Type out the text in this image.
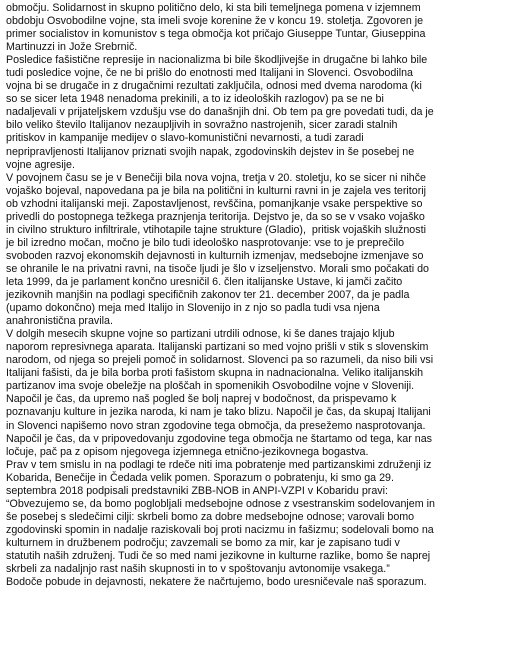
območju. Solidarnost in skupno politično delo, ki sta bili temeljnega pomena v izjemnem
obdobju Osvobodilne vojne, sta imeli svoje korenine že v koncu 19. stoletja. Zgovoren je
primer socialistov in komunistov s tega območja kot pričajo Giuseppe Tuntar, Giuseppina
Martinuzzi in Jože Srebrnič.
Posledice fašistične represije in nacionalizma bi bile škodljivejše in drugačne bi lahko bile
tudi posledice vojne, če ne bi prišlo do enotnosti med Italijani in Slovenci. Osvobodilna
vojna bi se drugače in z drugačnimi rezultati zaključila, odnosi med dvema narodoma (ki
so se sicer leta 1948 nenadoma prekinili, a to iz ideoloških razlogov) pa se ne bi
nadaljevali v prijateljskem vzdušju vse do današnjih dni. Ob tem pa gre povedati tudi, da je
bilo veliko število Italijanov nezaupljivih in sovražno nastrojenih, sicer zaradi stalnih
pritiskov in kampanije medijev o slavo-komunistični nevarnosti, a tudi zaradi
nepripravljenosti Italijanov priznati svojih napak, zgodovinskih dejstev in še posebej ne
vojne agresije.
V povojnem času se je v Benečiji bila nova vojna, tretja v 20. stoletju, ko se sicer ni nihče
vojaško bojeval, napovedana pa je bila na politični in kulturni ravni in je zajela ves teritorij
ob vzhodni italijanski meji. Zapostavljenost, revščina, pomanjkanje vsake perspektive so
privedli do postopnega težkega praznjenja teritorija. Dejstvo je, da so se v vsako vojaško
in civilno strukturo infiltrirale, vtihotapile tajne strukture (Gladio),  pritisk vojaških služnosti
je bil izredno močan, močno je bilo tudi ideološko nasprotovanje: vse to je preprečilo
svoboden razvoj ekonomskih dejavnosti in kulturnih izmenjav, medsebojne izmenjave so
se ohranile le na privatni ravni, na tisoče ljudi je šlo v izseljenstvo. Morali smo počakati do
leta 1999, da je parlament končno uresničil 6. člen italijanske Ustave, ki jamči začito
jezikovnih manjšin na podlagi specifičnih zakonov ter 21. december 2007, da je padla
(upamo dokončno) meja med Italijo in Slovenijo in z njo so padla tudi vsa njena
anahronistična pravila.
V dolgih mesecih skupne vojne so partizani utrdili odnose, ki še danes trajajo kljub
naporom represivnega aparata. Italijanski partizani so med vojno prišli v stik s slovenskim
narodom, od njega so prejeli pomoč in solidarnost. Slovenci pa so razumeli, da niso bili vsi
Italijani fašisti, da je bila borba proti fašistom skupna in nadnacionalna. Veliko italijanskih
partizanov ima svoje obeležje na ploščah in spomenikih Osvobodilne vojne v Sloveniji.
Napočil je čas, da upremo naš pogled še bolj naprej v bodočnost, da prispevamo k
poznavanju kulture in jezika naroda, ki nam je tako blizu. Napočil je čas, da skupaj Italijani
in Slovenci napišemo novo stran zgodovine tega območja, da presežemo nasprotovanja.
Napočil je čas, da v pripovedovanju zgodovine tega območja ne štartamo od tega, kar nas
ločuje, pač pa z opisom njegovega izjemnega etnično-jezikovnega bogastva.
Prav v tem smislu in na podlagi te rdeče niti ima pobratenje med partizanskimi združenji iz
Kobarida, Benečije in Čedada velik pomen. Sporazum o pobratenju, ki smo ga 29.
septembra 2018 podpisali predstavniki ZBB-NOB in ANPI-VZPI v Kobaridu pravi:
“Obvezujemo se, da bomo poglobljali medsebojne odnose z vsestranskim sodelovanjem in
še posebej s sledečimi cilji: skrbeli bomo za dobre medsebojne odnose; varovali bomo
zgodovinski spomin in nadalje raziskovali boj proti nacizmu in fašizmu; sodelovali bomo na
kulturnem in družbenem področju; zavzemali se bomo za mir, kar je zapisano tudi v
statutih naših združenj. Tudi če so med nami jezikovne in kulturne razlike, bomo še naprej
skrbeli za nadaljnjo rast naših skupnosti in to v spoštovanju avtonomije vsakega.”
Bodoče pobude in dejavnosti, nekatere že načrtujemo, bodo uresničevale naš sporazum.
